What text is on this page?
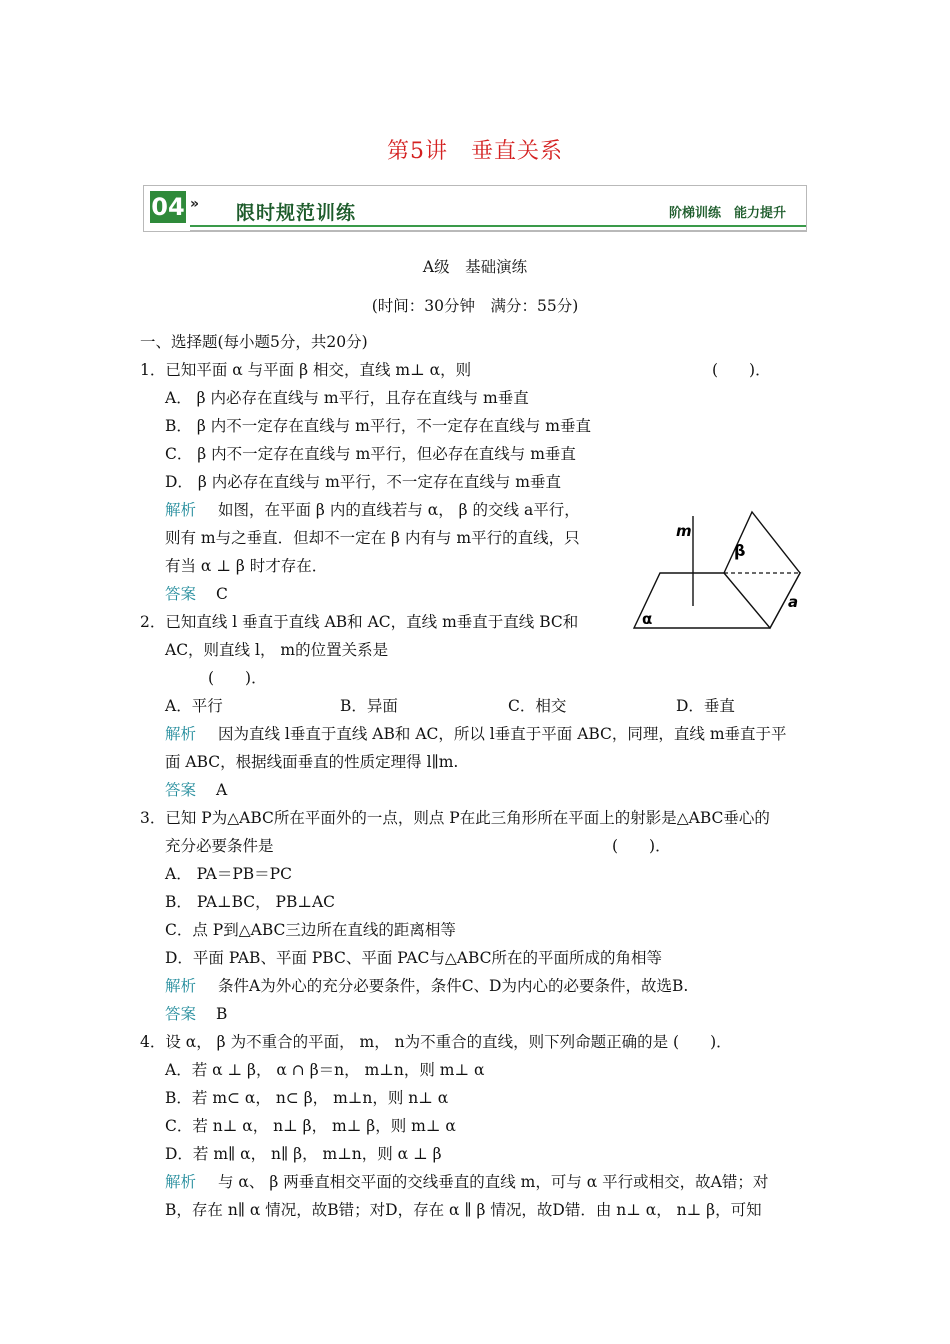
第5讲　垂直关系
04 » 限时规范训练	阶梯训练　能力提升
A级　基础演练
(时间：30分钟　满分：55分)
一、选择题(每小题5分，共20分)
1．已知平面 α 与平面 β 相交，直线 m⊥ α，则	(　　)．
A． β 内必存在直线与 m平行，且存在直线与 m垂直
B． β 内不一定存在直线与 m平行，不一定存在直线与 m垂直
C． β 内不一定存在直线与 m平行，但必存在直线与 m垂直
D． β 内必存在直线与 m平行，不一定存在直线与 m垂直
解析 如图，在平面 β 内的直线若与 α， β 的交线 a平行，
则有 m与之垂直．但却不一定在 β 内有与 m平行的直线，只
有当 α ⊥ β 时才存在．
答案 C
2．已知直线 l 垂直于直线 AB和 AC，直线 m垂直于直线 BC和
AC，则直线 l， m的位置关系是
(　　)．
A．平行	B．异面	C．相交	D．垂直
解析 因为直线 l垂直于直线 AB和 AC，所以 l垂直于平面 ABC，同理，直线 m垂直于平
面 ABC，根据线面垂直的性质定理得 l∥m.
答案 A
3．已知 P为△ABC所在平面外的一点，则点 P在此三角形所在平面上的射影是△ABC垂心的
充分必要条件是	(　　)．
A． PA＝PB＝PC
B． PA⊥BC， PB⊥AC
C．点 P到△ABC三边所在直线的距离相等
D．平面 PAB、平面 PBC、平面 PAC与△ABC所在的平面所成的角相等
解析 条件A为外心的充分必要条件，条件C、D为内心的必要条件，故选B.
答案 B
4．设 α， β 为不重合的平面， m， n为不重合的直线，则下列命题正确的是 (　　)．
A．若 α ⊥ β， α ∩ β＝n， m⊥n，则 m⊥ α
B．若 m⊂ α， n⊂ β， m⊥n，则 n⊥ α
C．若 n⊥ α， n⊥ β， m⊥ β，则 m⊥ α
D．若 m∥ α， n∥ β， m⊥n，则 α ⊥ β
解析 与 α、 β 两垂直相交平面的交线垂直的直线 m，可与 α 平行或相交，故A错；对
B，存在 n∥ α 情况，故B错；对D，存在 α ∥ β 情况，故D错．由 n⊥ α， n⊥ β，可知
m
β
a
α
